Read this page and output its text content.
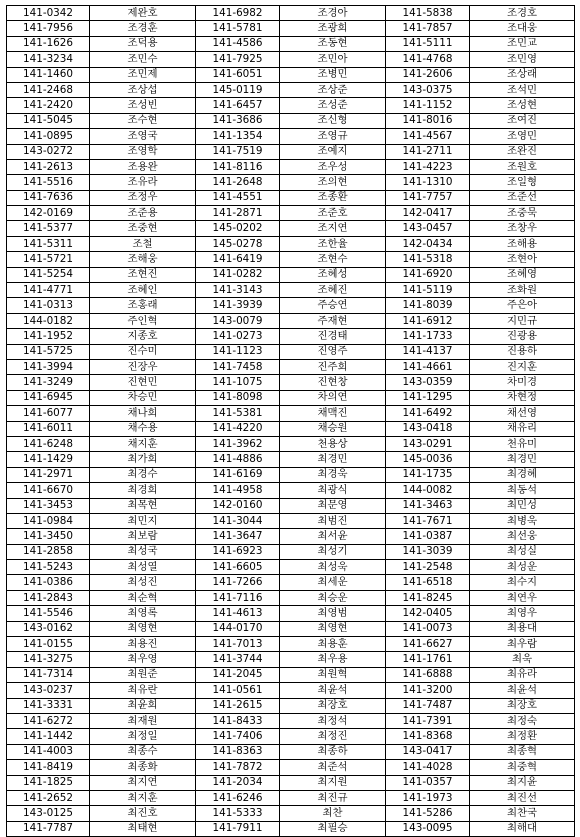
141-0342	제완호	141-6982	조경아	141-5838	조경호
141-7956	조경훈	141-5781	조광희	141-7857	조대웅
141-1626	조덕용	141-4586	조동현	141-5111	조민교
141-3234	조민수	141-7925	조민아	141-4768	조민영
141-1460	조민제	141-6051	조병민	141-2606	조상래
141-2468	조상섭	145-0119	조상준	143-0375	조석민
141-2420	조성빈	141-6457	조성준	141-1152	조성현
141-5045	조수현	141-3686	조신형	141-8016	조여진
141-0895	조영국	141-1354	조영규	141-4567	조영민
143-0272	조영학	141-7519	조예지	141-2711	조완진
141-2613	조용완	141-8116	조우성	141-4223	조원호
141-5516	조유라	141-2648	조의현	141-1310	조일형
141-7636	조정우	141-4551	조종환	141-7757	조준선
142-0169	조준용	141-2871	조준호	142-0417	조중묵
141-5377	조중현	145-0202	조지연	143-0457	조창우
141-5311	조철	145-0278	조한율	142-0434	조해용
141-5721	조해웅	141-6419	조현수	141-5318	조현아
141-5254	조현진	141-0282	조혜성	141-6920	조혜영
141-4771	조혜인	141-3143	조혜진	141-5119	조화원
141-0313	조홍래	141-3939	주승연	141-8039	주은아
144-0182	주인혁	143-0079	주재현	141-6912	지민규
141-1952	지종호	141-0273	진경태	141-1733	진광용
141-5725	진수미	141-1123	진영주	141-4137	진용하
141-3994	진장우	141-7458	진주희	141-4661	진지훈
141-3249	진현민	141-1075	진현창	143-0359	차미경
141-6945	차승민	141-8098	차의연	141-1295	차현정
141-6077	채나희	141-5381	채맥진	141-6492	채선영
141-6011	채수용	141-4220	채승원	143-0418	채유리
141-6248	채지훈	141-3962	천용상	143-0291	천유미
141-1429	최가희	141-4886	최경민	145-0036	최경민
141-2971	최경수	141-6169	최경욱	141-1735	최경혜
141-6670	최경희	141-4958	최광식	144-0082	최동석
141-3453	최목현	142-0160	최문영	141-3463	최민성
141-0984	최민지	141-3044	최범진	141-7671	최병욱
141-3450	최보람	141-3647	최서윤	141-0387	최선웅
141-2858	최성국	141-6923	최성기	141-3039	최성실
141-5243	최성열	141-6605	최성욱	141-2548	최성운
141-0386	최성진	141-7266	최세운	141-6518	최수지
141-2843	최순혁	141-7116	최승운	141-8245	최연우
141-5546	최영록	141-4613	최영범	142-0405	최영우
143-0162	최영현	144-0170	최영현	141-0073	최용대
141-0155	최용진	141-7013	최용훈	141-6627	최우람
141-3275	최우영	141-3744	최우용	141-1761	최욱
141-7314	최원준	141-2045	최원혁	141-6888	최유라
143-0237	최유란	141-0561	최윤석	141-3200	최윤석
141-3331	최윤희	141-2615	최장호	141-7487	최장호
141-6272	최재원	141-8433	최정석	141-7391	최정숙
141-1442	최정일	141-7406	최정진	141-8368	최정환
141-4003	최종수	141-8363	최종하	143-0417	최종혁
141-8419	최종화	141-7872	최준석	141-4028	최중혁
141-1825	최지연	141-2034	최지원	141-0357	최지윤
141-2652	최지훈	141-6246	최진규	141-1973	최진선
143-0125	최진호	141-5333	최찬	141-5286	최찬국
141-7787	최태현	141-7911	최필승	143-0095	최해대
